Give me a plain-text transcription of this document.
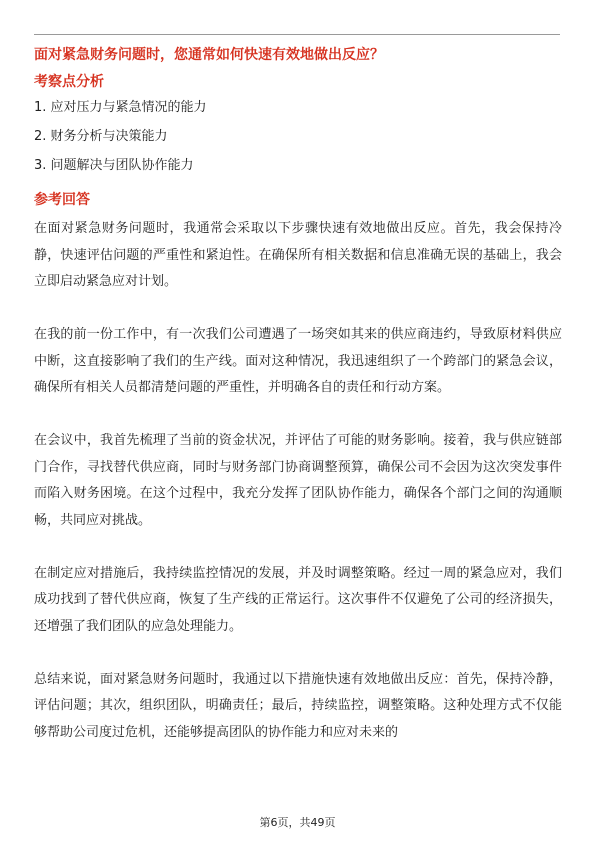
面对紧急财务问题时，您通常如何快速有效地做出反应？
考察点分析
1. 应对压力与紧急情况的能力
2. 财务分析与决策能力
3. 问题解决与团队协作能力
参考回答

在面对紧急财务问题时，我通常会采取以下步骤快速有效地做出反应。首先，我会保持冷静，快速评估问题的严重性和紧迫性。在确保所有相关数据和信息准确无误的基础上，我会立即启动紧急应对计划。

在我的前一份工作中，有一次我们公司遭遇了一场突如其来的供应商违约，导致原材料供应中断，这直接影响了我们的生产线。面对这种情况，我迅速组织了一个跨部门的紧急会议，确保所有相关人员都清楚问题的严重性，并明确各自的责任和行动方案。

在会议中，我首先梳理了当前的资金状况，并评估了可能的财务影响。接着，我与供应链部门合作，寻找替代供应商，同时与财务部门协商调整预算，确保公司不会因为这次突发事件而陷入财务困境。在这个过程中，我充分发挥了团队协作能力，确保各个部门之间的沟通顺畅，共同应对挑战。

在制定应对措施后，我持续监控情况的发展，并及时调整策略。经过一周的紧急应对，我们成功找到了替代供应商，恢复了生产线的正常运行。这次事件不仅避免了公司的经济损失，还增强了我们团队的应急处理能力。

总结来说，面对紧急财务问题时，我通过以下措施快速有效地做出反应：首先，保持冷静，评估问题；其次，组织团队，明确责任；最后，持续监控，调整策略。这种处理方式不仅能够帮助公司度过危机，还能够提高团队的协作能力和应对未来的

第6页，共49页
